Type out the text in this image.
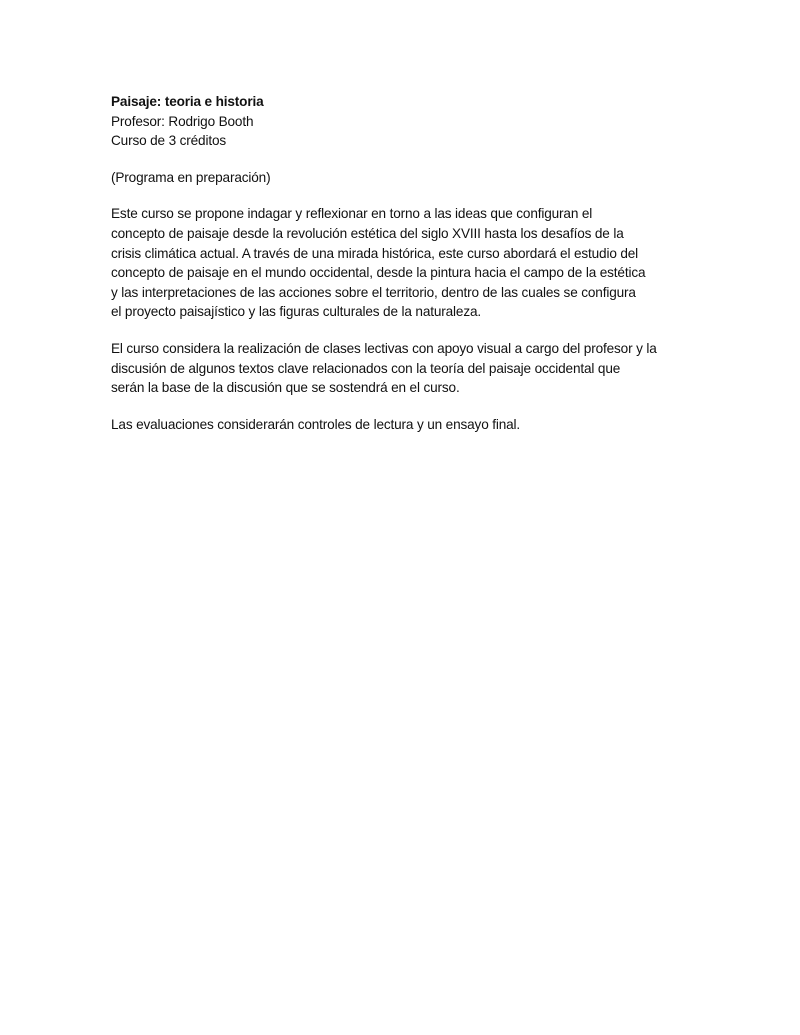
Paisaje: teoria e historia
Profesor: Rodrigo Booth
Curso de 3 créditos
(Programa en preparación)
Este curso se propone indagar y reflexionar en torno a las ideas que configuran el
concepto de paisaje desde la revolución estética del siglo XVIII hasta los desafíos de la
crisis climática actual. A través de una mirada histórica, este curso abordará el estudio del
concepto de paisaje en el mundo occidental, desde la pintura hacia el campo de la estética
y las interpretaciones de las acciones sobre el territorio, dentro de las cuales se configura
el proyecto paisajístico y las figuras culturales de la naturaleza.
El curso considera la realización de clases lectivas con apoyo visual a cargo del profesor y la
discusión de algunos textos clave relacionados con la teoría del paisaje occidental que
serán la base de la discusión que se sostendrá en el curso.
Las evaluaciones considerarán controles de lectura y un ensayo final.
